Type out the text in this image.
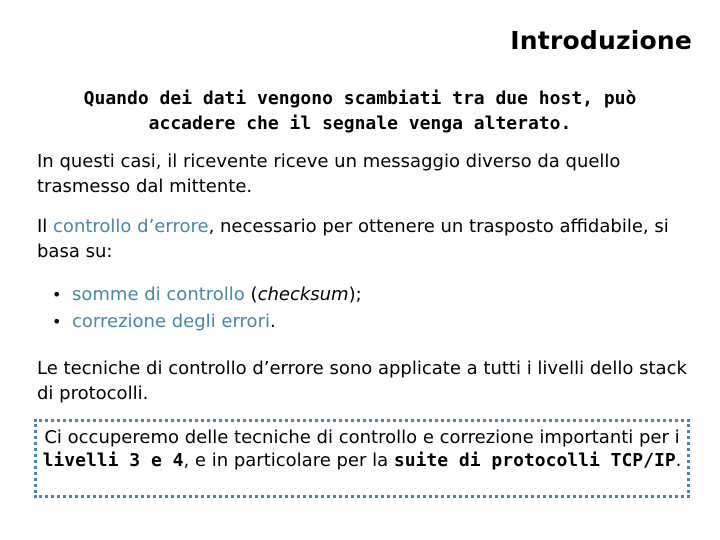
Introduzione
Quando dei dati vengono scambiati tra due host, può accadere che il segnale venga alterato.
In questi casi, il ricevente riceve un messaggio diverso da quello trasmesso dal mittente.
Il controllo d’errore, necessario per ottenere un trasposto affidabile, si basa su:
• somme di controllo (checksum);
• correzione degli errori.
Le tecniche di controllo d’errore sono applicate a tutti i livelli dello stack di protocolli.
Ci occuperemo delle tecniche di controllo e correzione importanti per i livelli 3 e 4, e in particolare per la suite di protocolli TCP/IP.
